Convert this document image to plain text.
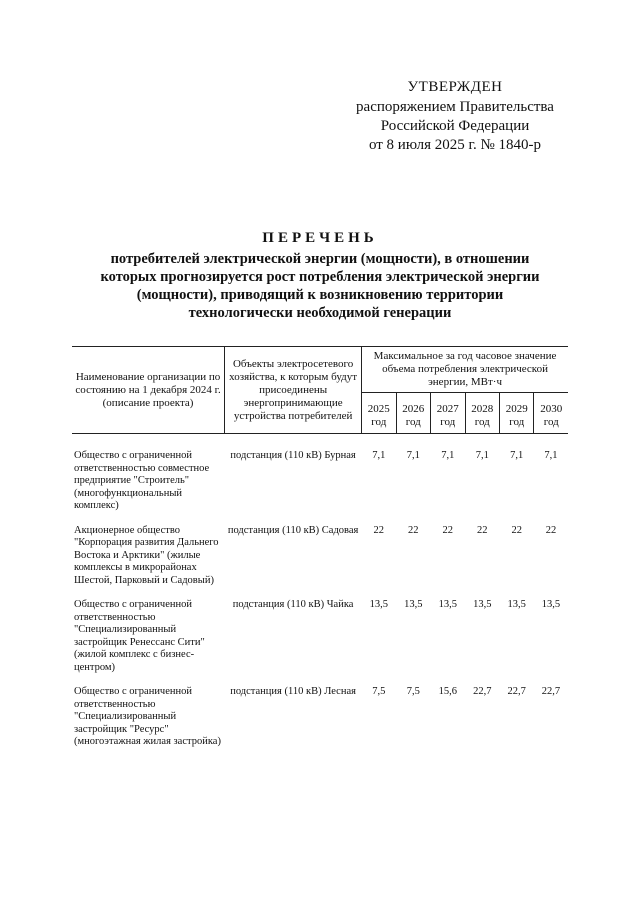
УТВЕРЖДЕН
распоряжением Правительства
Российской Федерации
от 8 июля 2025 г. № 1840-р
ПЕРЕЧЕНЬ
потребителей электрической энергии (мощности), в отношении которых прогнозируется рост потребления электрической энергии (мощности), приводящий к возникновению территории технологически необходимой генерации
Наименование организации по состоянию на 1 декабря 2024 г. (описание проекта)	Объекты электросетевого хозяйства, к которым будут присоединены энергопринимающие устройства потребителей	Максимальное за год часовое значение объема потребления электрической энергии, МВт·ч					
		2025 год	2026 год	2027 год	2028 год	2029 год	2030 год

Общество с ограниченной ответственностью совместное предприятие "Строитель" (многофункциональный комплекс)	подстанция (110 кВ) Бурная	7,1	7,1	7,1	7,1	7,1	7,1
Акционерное общество "Корпорация развития Дальнего Востока и Арктики" (жилые комплексы в микрорайонах Шестой, Парковый и Садовый)	подстанция (110 кВ) Садовая	22	22	22	22	22	22
Общество с ограниченной ответственностью "Специализированный застройщик Ренессанс Сити" (жилой комплекс с бизнес-центром)	подстанция (110 кВ) Чайка	13,5	13,5	13,5	13,5	13,5	13,5
Общество с ограниченной ответственностью "Специализированный застройщик "Ресурс" (многоэтажная жилая застройка)	подстанция (110 кВ) Лесная	7,5	7,5	15,6	22,7	22,7	22,7
